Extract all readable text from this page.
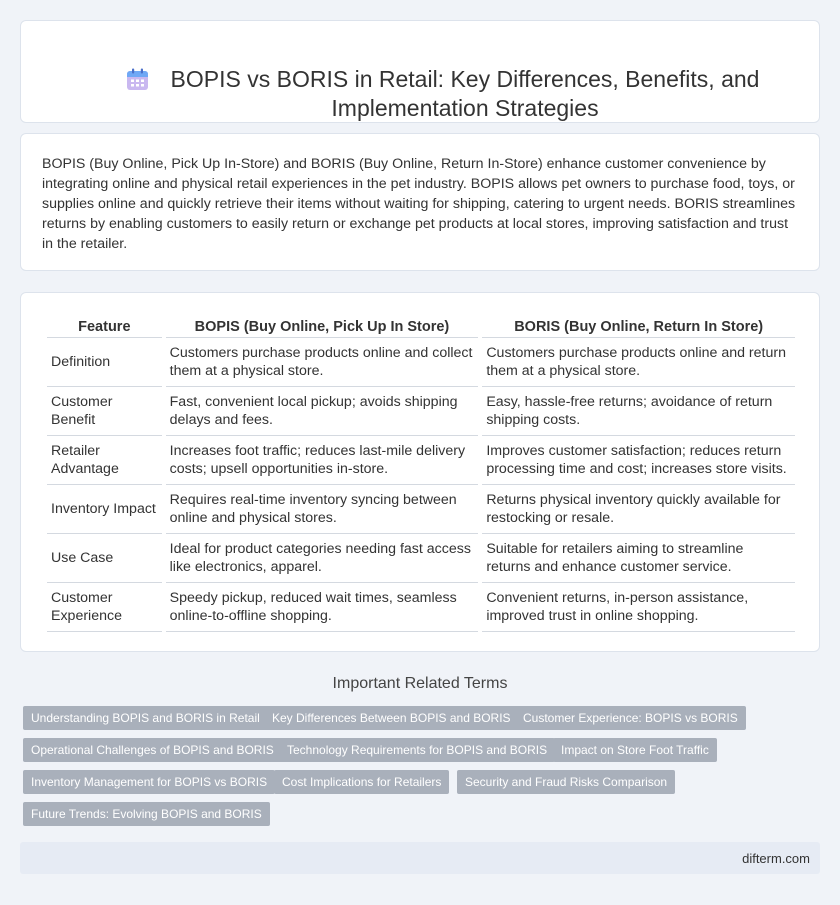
BOPIS vs BORIS in Retail: Key Differences, Benefits, and Implementation Strategies

BOPIS (Buy Online, Pick Up In-Store) and BORIS (Buy Online, Return In-Store) enhance customer convenience by integrating online and physical retail experiences in the pet industry. BOPIS allows pet owners to purchase food, toys, or supplies online and quickly retrieve their items without waiting for shipping, catering to urgent needs. BORIS streamlines returns by enabling customers to easily return or exchange pet products at local stores, improving satisfaction and trust in the retailer.

Feature	BOPIS (Buy Online, Pick Up In Store)	BORIS (Buy Online, Return In Store)
Definition	Customers purchase products online and collect them at a physical store.	Customers purchase products online and return them at a physical store.
Customer Benefit	Fast, convenient local pickup; avoids shipping delays and fees.	Easy, hassle-free returns; avoidance of return shipping costs.
Retailer Advantage	Increases foot traffic; reduces last-mile delivery costs; upsell opportunities in-store.	Improves customer satisfaction; reduces return processing time and cost; increases store visits.
Inventory Impact	Requires real-time inventory syncing between online and physical stores.	Returns physical inventory quickly available for restocking or resale.
Use Case	Ideal for product categories needing fast access like electronics, apparel.	Suitable for retailers aiming to streamline returns and enhance customer service.
Customer Experience	Speedy pickup, reduced wait times, seamless online-to-offline shopping.	Convenient returns, in-person assistance, improved trust in online shopping.
Important Related Terms
Understanding BOPIS and BORIS in Retail	Key Differences Between BOPIS and BORIS	Customer Experience: BOPIS vs BORIS
Operational Challenges of BOPIS and BORIS	Technology Requirements for BOPIS and BORIS	Impact on Store Foot Traffic
Inventory Management for BOPIS vs BORIS	Cost Implications for Retailers	Security and Fraud Risks Comparison
Future Trends: Evolving BOPIS and BORIS
difterm.com
